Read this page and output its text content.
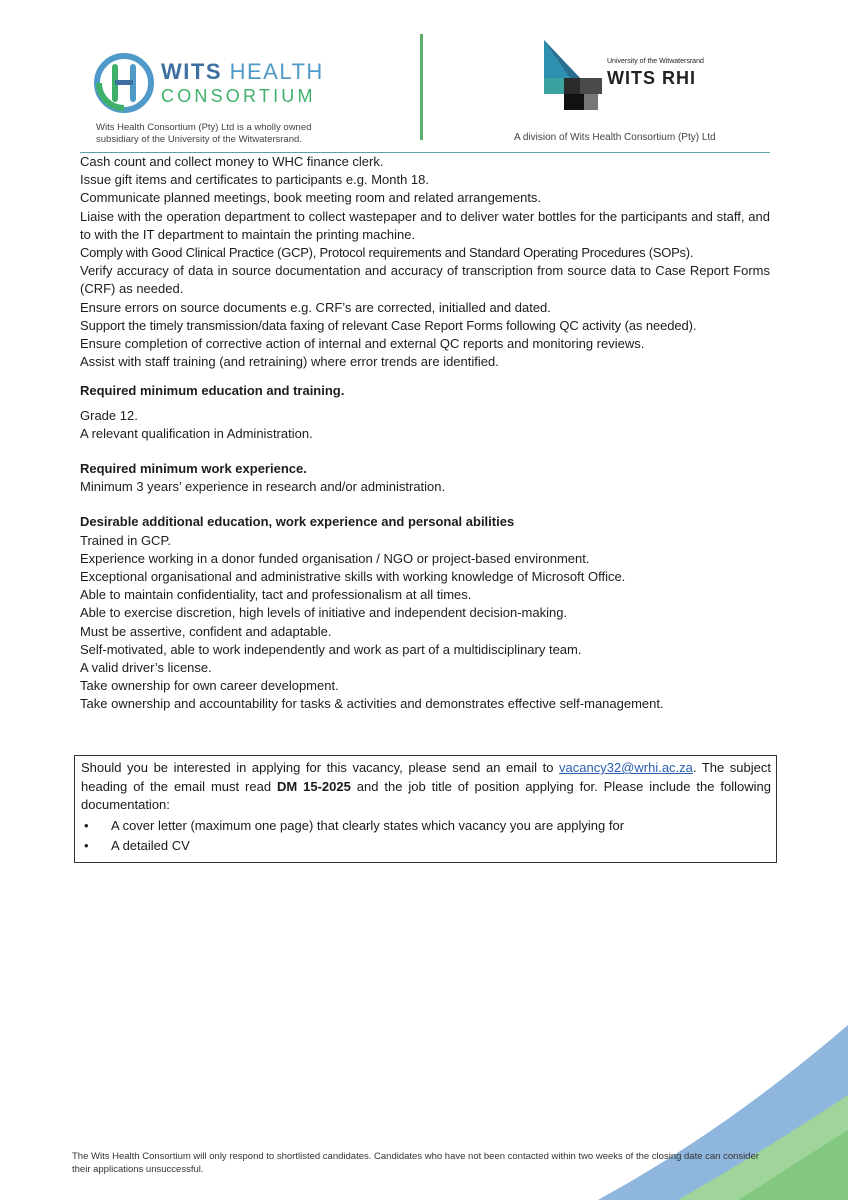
WITS HEALTH
CONSORTIUM
Wits Health Consortium (Pty) Ltd is a wholly owned
subsidiary of the University of the Witwatersrand.
University of the Witwatersrand
WITS RHI
A division of Wits Health Consortium (Pty) Ltd
Cash count and collect money to WHC finance clerk.
Issue gift items and certificates to participants e.g. Month 18.
Communicate planned meetings, book meeting room and related arrangements.
Liaise with the operation department to collect wastepaper and to deliver water bottles for the participants and staff, and to with the IT department to maintain the printing machine.
Comply with Good Clinical Practice (GCP), Protocol requirements and Standard Operating Procedures (SOPs).
Verify accuracy of data in source documentation and accuracy of transcription from source data to Case Report Forms (CRF) as needed.
Ensure errors on source documents e.g. CRF’s are corrected, initialled and dated.
Support the timely transmission/data faxing of relevant Case Report Forms following QC activity (as needed).
Ensure completion of corrective action of internal and external QC reports and monitoring reviews.
Assist with staff training (and retraining) where error trends are identified.
Required minimum education and training.
Grade 12.
A relevant qualification in Administration.
Required minimum work experience.
Minimum 3 years’ experience in research and/or administration.
Desirable additional education, work experience and personal abilities
Trained in GCP.
Experience working in a donor funded organisation / NGO or project-based environment.
Exceptional organisational and administrative skills with working knowledge of Microsoft Office.
Able to maintain confidentiality, tact and professionalism at all times.
Able to exercise discretion, high levels of initiative and independent decision-making.
Must be assertive, confident and adaptable.
Self-motivated, able to work independently and work as part of a multidisciplinary team.
A valid driver’s license.
Take ownership for own career development.
Take ownership and accountability for tasks & activities and demonstrates effective self-management.
Should you be interested in applying for this vacancy, please send an email to vacancy32@wrhi.ac.za. The subject heading of the email must read DM 15-2025 and the job title of position applying for. Please include the following documentation:
• A cover letter (maximum one page) that clearly states which vacancy you are applying for
• A detailed CV
The Wits Health Consortium will only respond to shortlisted candidates. Candidates who have not been contacted within two weeks of the closing date can consider their applications unsuccessful.
